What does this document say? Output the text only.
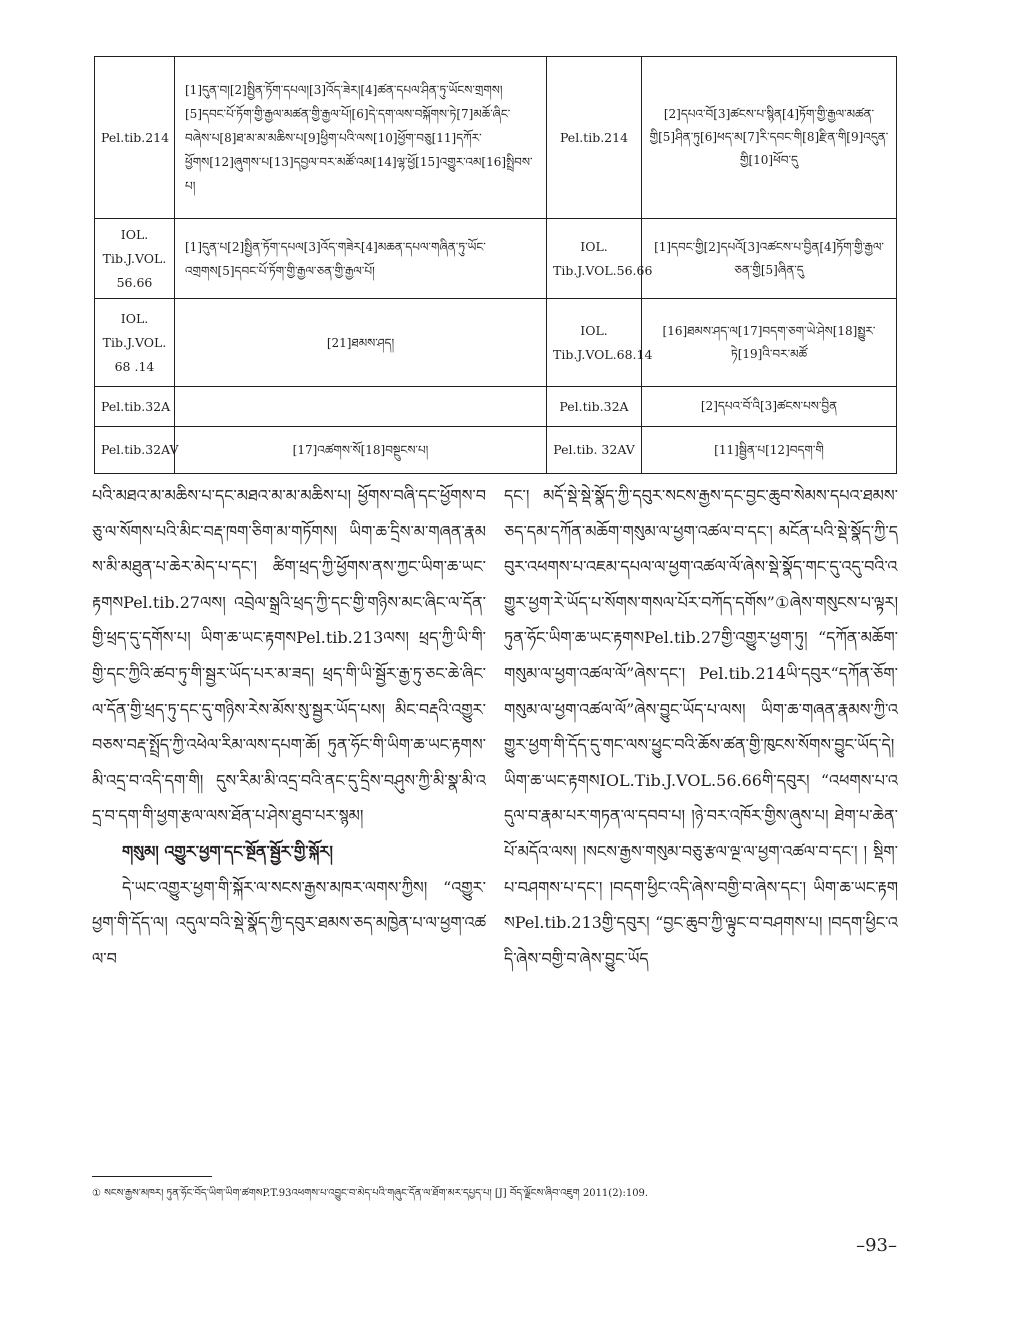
Pel.tib.214	[1]དུན་བ།[2]སྤྱིན་ཏོག་དཔལ།[3]འོད་ཟེར།[4]ཚན་དཔལ་ཤིན་ཏུ་ཡོངས་གྲགས།[5]དབང་པོ་ཏོག་གྱི་རྒྱལ་མཚན་གྱི་རྒྱལ་པོ།[6]དེ་དག་ལས་བསྐོགས་ཏེ[7]མཆོ་ཞིང་བཞེས་པ[8]ཐ་མ་མ་མཆིས་པ[9]ཕྱིག་པའི་ལས[10]ཕྱོག་བཅུ[11]དཀོར་ཕྱོགས[12]ཞུགས་པ[13]དབྱལ་བར་མཚོ་འམ[14]ལྷ་ཕྱོ[15]འགྱུར་འམ[16]སྤྲིབས་པ།	Pel.tib.214	[2]དཔའ་བོ[3]ཚངས་པ་སྙིན[4]ཏོག་གྱི་རྒྱལ་མཚན་གྱི[5]ཤིན་ཏུ[6]ཕད་མ[7]རི་དབང་གི[8]རྫིན་གི[9]འདུན་གྱི[10]ཕོབ་དུ
IOL. Tib.J.VOL. 56.66	[1]དུན་པ[2]སྤྱིན་ཏོག་དཔལ[3]འོད་གཟེར[4]མཆན་དཔལ་གཞིན་ཏུ་ཡོང་འགྲགས[5]དབང་པོ་ཏོག་གྱི་རྒྱལ་ཅན་གྱི་རྒྱལ་པོ།	IOL. Tib.J.VOL.56.66	[1]དབང་གྱི[2]དཔའོ[3]འཚངས་པ་བྱིན[4]ཏོག་གྱི་རྒྱལ་ཅན་གྱི[5]ཞིན་དུ
IOL. Tib.J.VOL. 68 .14	[21]ཐམས་ཤད།	IOL. Tib.J.VOL.68.14	[16]ཐམས་ཤད་ལ[17]བདག་ཅག་ཡེ་ཤེས[18]སྤྱུར་ཏེ[19]འི་བར་མཚོ
Pel.tib.32A		Pel.tib.32A	[2]དཔའ་བོ་འི[3]ཚངས་པས་བྱིན
Pel.tib.32AV	[17]འཚགས་སོ[18]བསྔུངས་པ།	Pel.tib. 32AV	[11]སྦྱིན་པ[12]བདག་གི

པའི་མཐའ་མ་མཆིས་པ་དང་མཐའ་མ་མ་མཆིས་པ། ཕྱོགས་བཞི་དང་ཕྱོགས་བཅུ་ལ་སོགས་པའི་མིང་བརྡ་ཁག་ཅིག་མ་གཏོགས། ཡིག་ཆ་དྲིས་མ་གཞན་རྣམས་མི་མཐུན་པ་ཆེར་མེད་པ་དང་། ཚིག་ཕྲད་ཀྱི་ཕྱོགས་ནས་ཀྱང་ཡིག་ཆ་ཡང་རྟགསPel.tib.27ལས། འབྲེལ་སྒྲའི་ཕྲད་ཀྱི་དང་གྱི་གཉིས་མང་ཞིང་ལ་དོན་གྱི་ཕྲད་དུ་དགོས་པ། ཡིག་ཆ་ཡང་རྟགསPel.tib.213ལས། ཕྲད་ཀྱི་ཡི་གི་གྱི་དང་ཀྱིའི་ཚབ་ཏུ་གི་སྦྱར་ཡོད་པར་མ་ཟད། ཕྲད་གི་ཡི་སྦྱོར་རྒྱ་ཏུ་ཅང་ཆེ་ཞིང་ལ་དོན་གྱི་ཕྲད་ཏུ་དང་དུ་གཉིས་རེས་མོས་སུ་སྦྱར་ཡོད་པས། མིང་བརྡའི་འགྱུར་བཅས་བརྡ་སྤྲོད་ཀྱི་འཕེལ་རིམ་ལས་དཔག་ཆོ། ཏུན་ཧོང་གི་ཡིག་ཆ་ཡང་རྟགས་མི་འདྲ་བ་འདི་དག་གི། དུས་རིམ་མི་འདྲ་བའི་ནང་དུ་དྲིས་བཤུས་ཀྱི་མི་སྣ་མི་འདྲ་བ་དག་གི་ཕྱག་རྩལ་ལས་ཐོན་པ་ཤེས་ཐུབ་པར་སྙམ།

གསུམ། འགྱུར་ཕྱག་དང་སྔོན་སྦྱོར་གྱི་སྐོར།

དེ་ཡང་འགྱུར་ཕྱག་གི་སྐོར་ལ་སངས་རྒྱས་མཁར་ལགས་ཀྱིས། “འགྱུར་ཕྱག་གི་དོད་ལ། འདུལ་བའི་སྡེ་སྣོད་ཀྱི་དབུར་ཐམས་ཅད་མཁྱེན་པ་ལ་ཕྱག་འཚལ་བ

དང་། མདོ་སྡེ་སྡེ་སྣོད་ཀྱི་དབུར་སངས་རྒྱས་དང་བྱང་ཆུབ་སེམས་དཔའ་ཐམས་ཅད་དམ་དཀོན་མཆོག་གསུམ་ལ་ཕྱག་འཚལ་བ་དང་། མངོན་པའི་སྡེ་སྣོད་ཀྱི་དབུར་འཕགས་པ་འཇམ་དཔལ་ལ་ཕྱག་འཚལ་ལོ་ཞེས་སྡེ་སྣོད་གང་དུ་འདུ་བའི་འགྱུར་ཕྱག་རེ་ཡོད་པ་སོགས་གསལ་པོར་བཀོད་དགོས”①ཞེས་གསུངས་པ་ལྟར། ཏུན་ཧོང་ཡིག་ཆ་ཡང་རྟགསPel.tib.27གྱི་འགྱུར་ཕྱག་ཏུ། “དཀོན་མཆོག་གསུམ་ལ་ཕྱག་འཚལ་ལོ”ཞེས་དང་། Pel.tib.214ཡི་དབུར“དཀོན་ཅོག་གསུམ་ལ་ཕྱག་འཚལ་ལོ”ཞེས་བྱུང་ཡོད་པ་ལས། ཡིག་ཆ་གཞན་རྣམས་ཀྱི་འགྱུར་ཕྱག་གི་དོད་དུ་གང་ལས་ཕྱུང་བའི་ཆོས་ཚན་གྱི་ཁུངས་སོགས་བྱུང་ཡོད་དེ། ཡིག་ཆ་ཡང་རྟགསIOL.Tib.J.VOL.56.66གི་དབུར། “འཕགས་པ་འདུལ་བ་རྣམ་པར་གཏན་ལ་དབབ་པ། །ཉེ་བར་འཁོར་གྱིས་ཞུས་པ། ཐེག་པ་ཆེན་པོ་མདོའ་ལས། །སངས་རྒྱས་གསུམ་བཅུ་རྩལ་ལྔ་ལ་ཕྱག་འཚལ་བ་དང་། ། སྡིག་པ་བཤགས་པ་དང་། །བདག་ཕྱིང་འདི་ཞེས་བགྱི་བ་ཞེས་དང་། ཡིག་ཆ་ཡང་རྟགསPel.tib.213གྱི་དབུར། “བྱང་ཆུབ་ཀྱི་ལྟུང་བ་བཤགས་པ། །བདག་ཕྱིང་འདི་ཞེས་བགྱི་བ་ཞེས་བྱུང་ཡོད

① སངས་རྒྱས་མཁར། ཏུན་ཧོང་བོད་ཡིག་ཡིག་ཚགསP.T.93འཕགས་པ་འབྱུང་བ་མེད་པའི་གཞུང་དོན་ལ་ཐོག་མར་དཔྱད་པ། [J] བོད་ལྗོངས་ཞིབ་འཇུག 2011(2):109.
–93–
